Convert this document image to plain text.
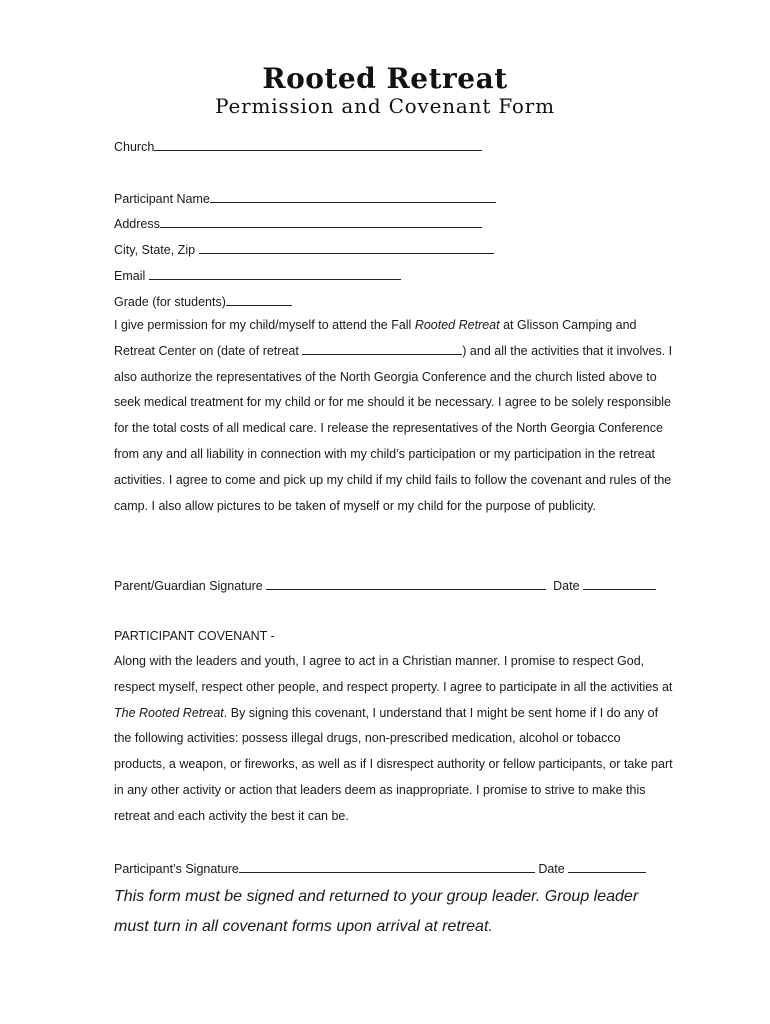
Rooted Retreat
Permission and Covenant Form
Church
Participant Name
Address
City, State, Zip
Email
Grade (for students)

I give permission for my child/myself to attend the Fall Rooted Retreat at Glisson Camping and Retreat Center on (date of retreat	) and all the activities that it involves. I also authorize the representatives of the North Georgia Conference and the church listed above to seek medical treatment for my child or for me should it be necessary. I agree to be solely responsible for the total costs of all medical care. I release the representatives of the North Georgia Conference from any and all liability in connection with my child’s participation or my participation in the retreat activities. I agree to come and pick up my child if my child fails to follow the covenant and rules of the camp. I also allow pictures to be taken of myself or my child for the purpose of publicity.

Parent/Guardian Signature	Date
PARTICIPANT COVENANT -

Along with the leaders and youth, I agree to act in a Christian manner. I promise to respect God, respect myself, respect other people, and respect property. I agree to participate in all the activities at The Rooted Retreat. By signing this covenant, I understand that I might be sent home if I do any of the following activities: possess illegal drugs, non-prescribed medication, alcohol or tobacco products, a weapon, or fireworks, as well as if I disrespect authority or fellow participants, or take part in any other activity or action that leaders deem as inappropriate. I promise to strive to make this retreat and each activity the best it can be.

Participant’s Signature	Date

This form must be signed and returned to your group leader. Group leader must turn in all covenant forms upon arrival at retreat.
